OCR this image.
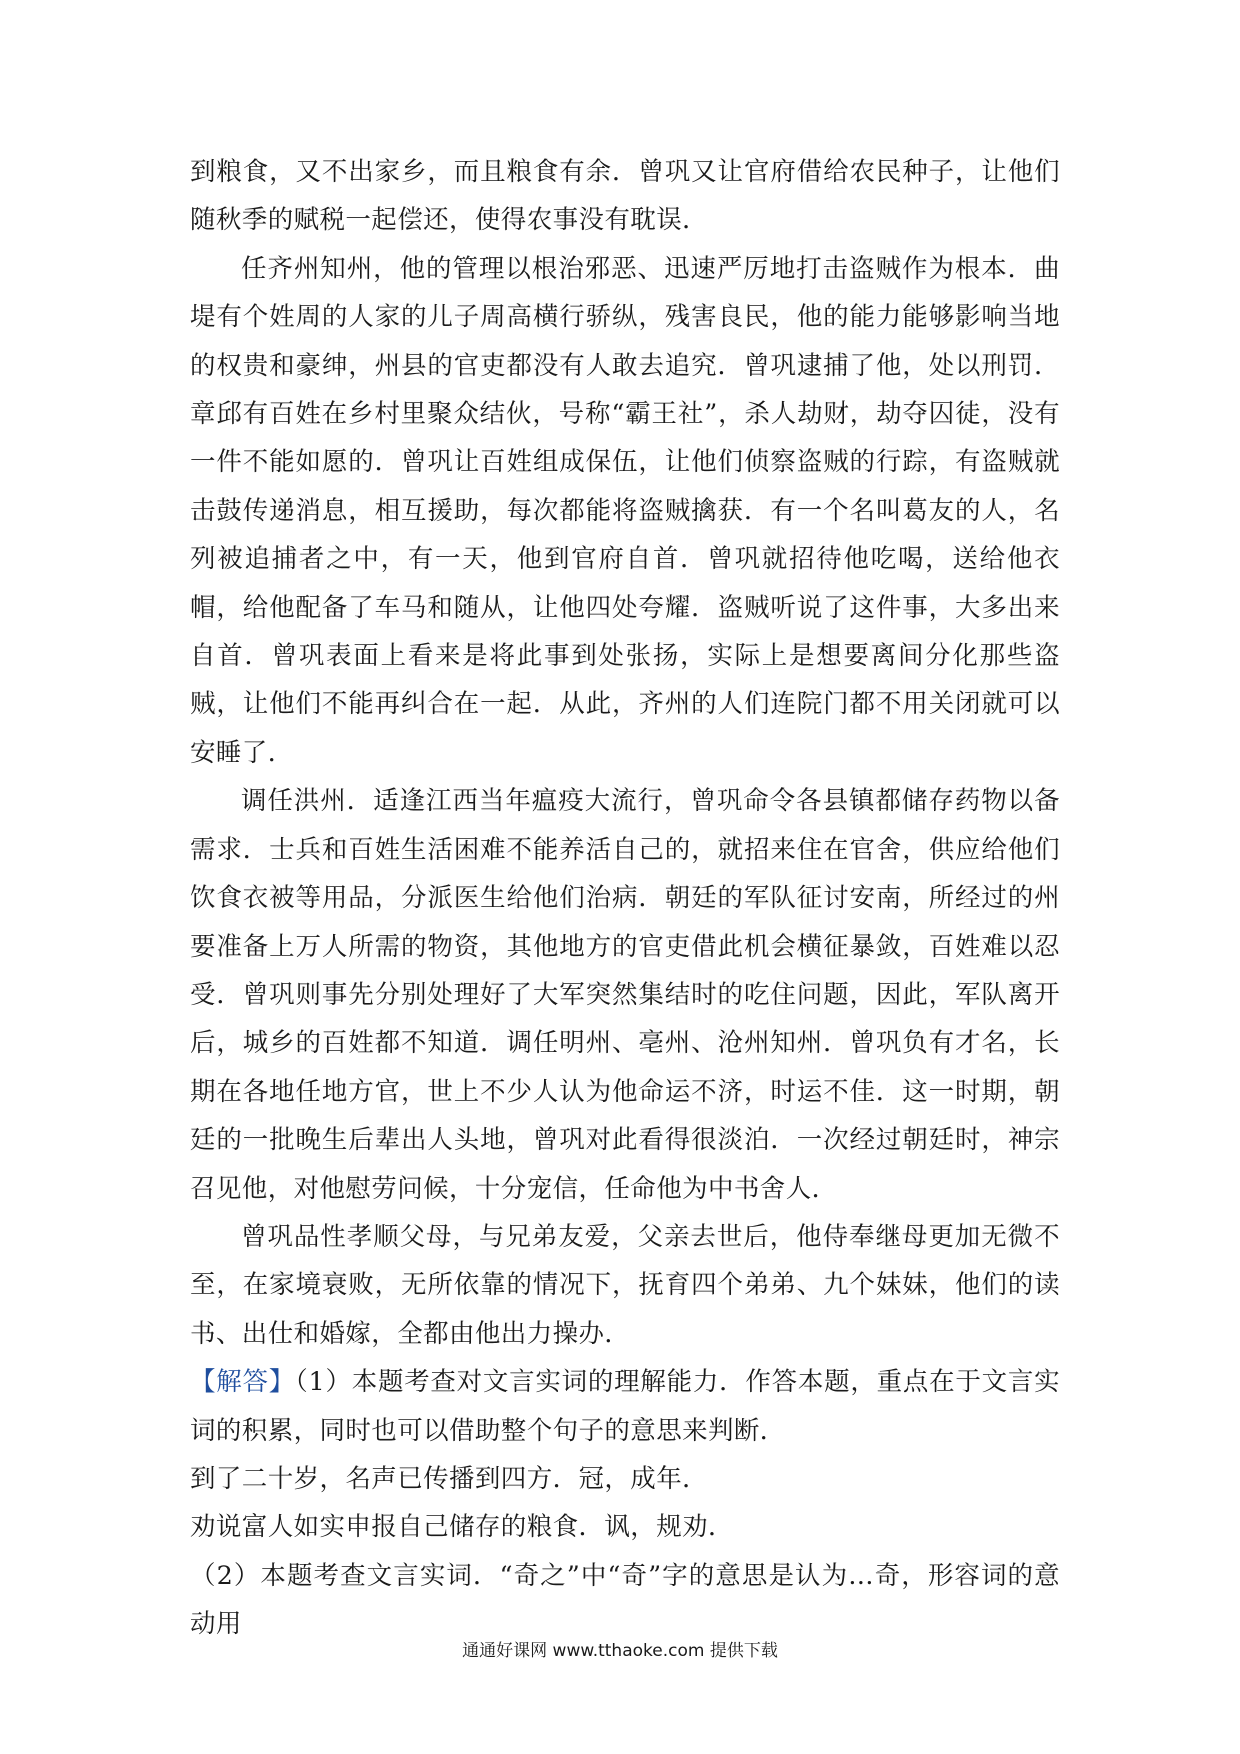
到粮食，又不出家乡，而且粮食有余．曾巩又让官府借给农民种子，让他们随秋季的赋税一起偿还，使得农事没有耽误．

任齐州知州，他的管理以根治邪恶、迅速严厉地打击盗贼作为根本．曲堤有个姓周的人家的儿子周高横行骄纵，残害良民，他的能力能够影响当地的权贵和豪绅，州县的官吏都没有人敢去追究．曾巩逮捕了他，处以刑罚．章邱有百姓在乡村里聚众结伙，号称“霸王社”，杀人劫财，劫夺囚徒，没有一件不能如愿的．曾巩让百姓组成保伍，让他们侦察盗贼的行踪，有盗贼就击鼓传递消息，相互援助，每次都能将盗贼擒获．有一个名叫葛友的人，名列被追捕者之中，有一天，他到官府自首．曾巩就招待他吃喝，送给他衣帽，给他配备了车马和随从，让他四处夸耀．盗贼听说了这件事，大多出来自首．曾巩表面上看来是将此事到处张扬，实际上是想要离间分化那些盗贼，让他们不能再纠合在一起．从此，齐州的人们连院门都不用关闭就可以安睡了．

调任洪州．适逢江西当年瘟疫大流行，曾巩命令各县镇都储存药物以备需求．士兵和百姓生活困难不能养活自己的，就招来住在官舍，供应给他们饮食衣被等用品，分派医生给他们治病．朝廷的军队征讨安南，所经过的州要准备上万人所需的物资，其他地方的官吏借此机会横征暴敛，百姓难以忍受．曾巩则事先分别处理好了大军突然集结时的吃住问题，因此，军队离开后，城乡的百姓都不知道．调任明州、亳州、沧州知州．曾巩负有才名，长期在各地任地方官，世上不少人认为他命运不济，时运不佳．这一时期，朝廷的一批晚生后辈出人头地，曾巩对此看得很淡泊．一次经过朝廷时，神宗召见他，对他慰劳问候，十分宠信，任命他为中书舍人．

曾巩品性孝顺父母，与兄弟友爱，父亲去世后，他侍奉继母更加无微不至，在家境衰败，无所依靠的情况下，抚育四个弟弟、九个妹妹，他们的读书、出仕和婚嫁，全都由他出力操办．

【解答】（1）本题考查对文言实词的理解能力．作答本题，重点在于文言实词的积累，同时也可以借助整个句子的意思来判断．

到了二十岁，名声已传播到四方．冠，成年．

劝说富人如实申报自己储存的粮食．讽，规劝．

（2）本题考查文言实词．“奇之”中“奇”字的意思是认为…奇，形容词的意动用

通通好课网 www.tthaoke.com 提供下载
